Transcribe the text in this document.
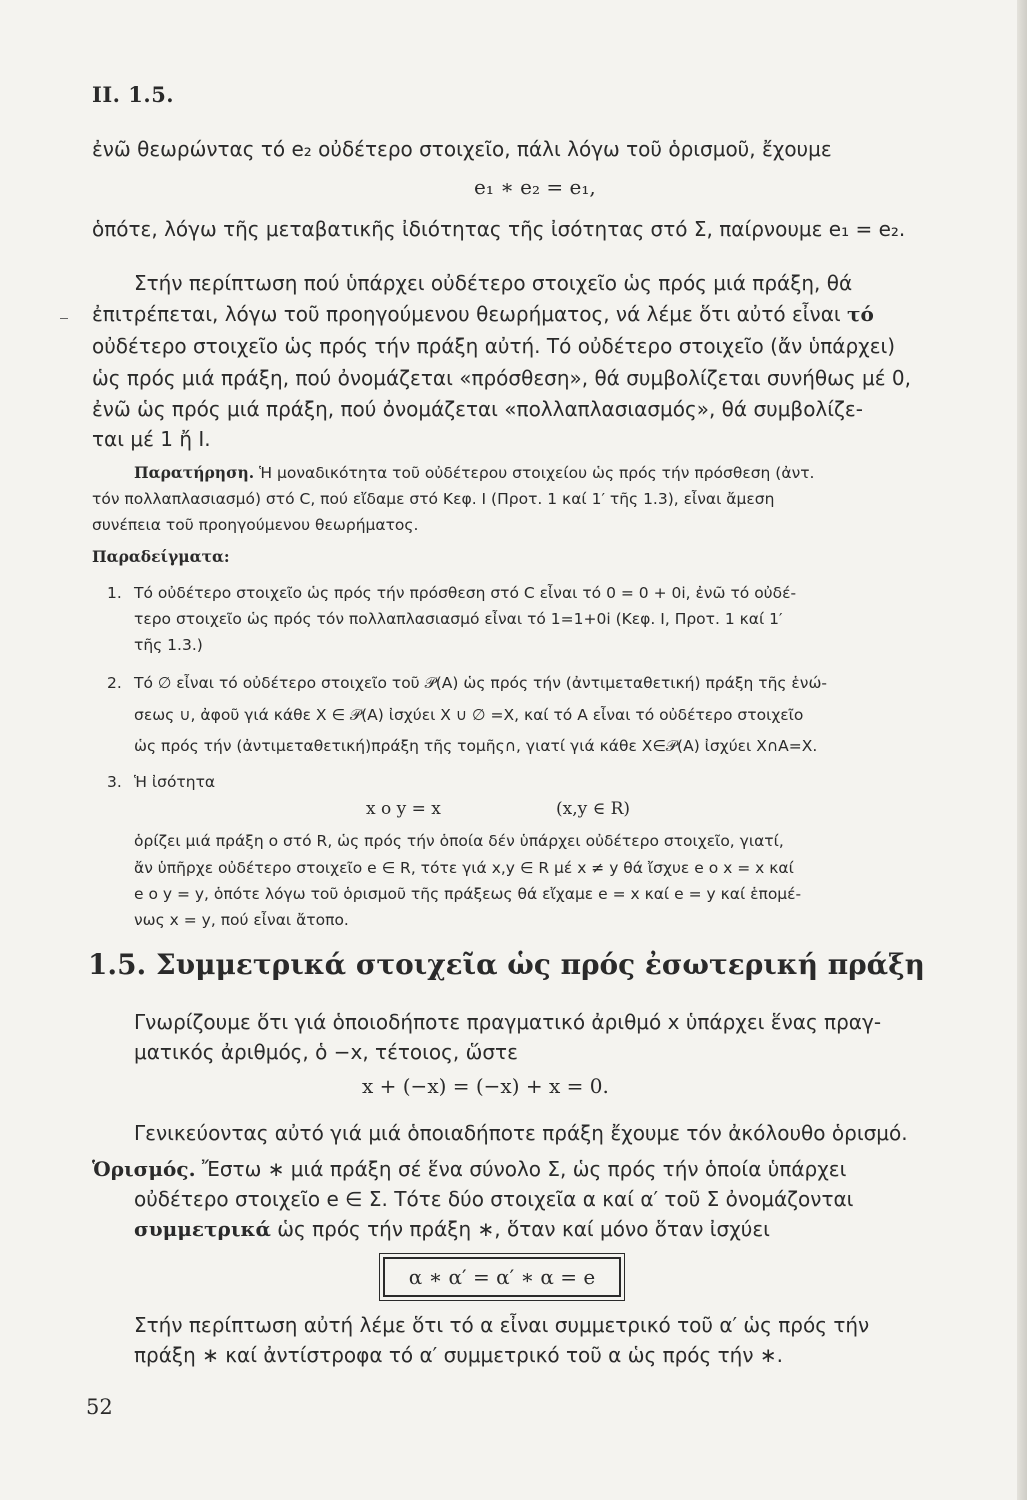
II. 1.5.
ἐνῶ θεωρώντας τό e₂ οὐδέτερο στοιχεῖο, πάλι λόγω τοῦ ὁρισμοῦ, ἔχουμε
e₁ ∗ e₂ = e₁,
ὁπότε, λόγω τῆς μεταβατικῆς ἰδιότητας τῆς ἰσότητας στό Σ, παίρνουμε e₁ = e₂.
Στήν περίπτωση πού ὑπάρχει οὐδέτερο στοιχεῖο ὡς πρός μιά πράξη, θά
ἐπιτρέπεται, λόγω τοῦ προηγούμενου θεωρήματος, νά λέμε ὅτι αὐτό εἶναι τό
οὐδέτερο στοιχεῖο ὡς πρός τήν πράξη αὐτή. Τό οὐδέτερο στοιχεῖο (ἄν ὑπάρχει)
ὡς πρός μιά πράξη, πού ὀνομάζεται «πρόσθεση», θά συμβολίζεται συνήθως μέ 0,
ἐνῶ ὡς πρός μιά πράξη, πού ὀνομάζεται «πολλαπλασιασμός», θά συμβολίζε-
ται μέ 1 ἤ I.
Παρατήρηση. Ἡ μοναδικότητα τοῦ οὐδέτερου στοιχείου ὡς πρός τήν πρόσθεση (ἀντ.
τόν πολλαπλασιασμό) στό C, πού εἴδαμε στό Κεφ. I (Πρoτ. 1 καί 1′ τῆς 1.3), εἶναι ἄμεση
συνέπεια τοῦ προηγούμενου θεωρήματος.
Παραδείγματα:
1. Τό οὐδέτερο στοιχεῖο ὡς πρός τήν πρόσθεση στό C εἶναι τό 0 = 0 + 0i, ἐνῶ τό οὐδέ-
τερο στοιχεῖο ὡς πρός τόν πολλαπλασιασμό εἶναι τό 1=1+0i (Κεφ. I, Προτ. 1 καί 1′
τῆς 1.3.)
2. Τό ∅ εἶναι τό οὐδέτερο στοιχεῖο τοῦ 𝒫(A) ὡς πρός τήν (ἀντιμεταθετική) πράξη τῆς ἑνώ-
σεως ∪, ἀφοῦ γιά κάθε X ∈ 𝒫(A) ἰσχύει X ∪ ∅ =X, καί τό A εἶναι τό οὐδέτερο στοιχεῖο
ὡς πρός τήν (ἀντιμεταθετική)πράξη τῆς τομῆς∩, γιατί γιά κάθε X∈𝒫(A) ἰσχύει X∩A=X.
3. Ἡ ἰσότητα
x o y = x	(x,y ∈ R)
ὁρίζει μιά πράξη o στό R, ὡς πρός τήν ὁποία δέν ὑπάρχει οὐδέτερο στοιχεῖο, γιατί,
ἄν ὑπῆρχε οὐδέτερο στοιχεῖο e ∈ R, τότε γιά x,y ∈ R μέ x ≠ y θά ἴσχυε e o x = x καί
e o y = y, ὁπότε λόγω τοῦ ὁρισμοῦ τῆς πράξεως θά εἴχαμε e = x καί e = y καί ἑπομέ-
νως x = y, πού εἶναι ἄτοπο.
1.5. Συμμετρικά στοιχεῖα ὡς πρός ἐσωτερική πράξη
Γνωρίζουμε ὅτι γιά ὁποιοδήποτε πραγματικό ἀριθμό x ὑπάρχει ἕνας πραγ-
ματικός ἀριθμός, ὁ −x, τέτοιος, ὥστε
x + (−x) = (−x) + x = 0.
Γενικεύοντας αὐτό γιά μιά ὁποιαδήποτε πράξη ἔχουμε τόν ἀκόλουθο ὁρισμό.
Ὁρισμός. Ἔστω ∗ μιά πράξη σέ ἕνα σύνολο Σ, ὡς πρός τήν ὁποία ὑπάρχει
οὐδέτερο στοιχεῖο e ∈ Σ. Τότε δύο στοιχεῖα α καί α′ τοῦ Σ ὀνομάζονται
συμμετρικά ὡς πρός τήν πράξη ∗, ὅταν καί μόνο ὅταν ἰσχύει
α ∗ α′ = α′ ∗ α = e
Στήν περίπτωση αὐτή λέμε ὅτι τό α εἶναι συμμετρικό τοῦ α′ ὡς πρός τήν
πράξη ∗ καί ἀντίστροφα τό α′ συμμετρικό τοῦ α ὡς πρός τήν ∗.
52
